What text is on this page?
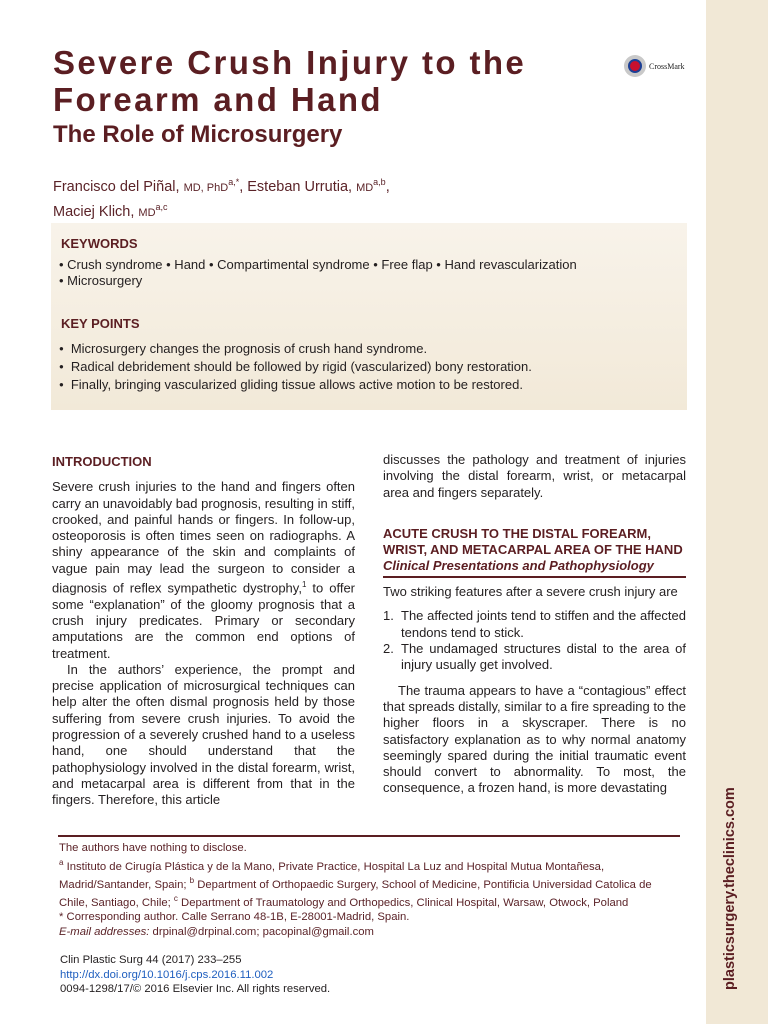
plasticsurgery.theclinics.com
Severe Crush Injury to the
Forearm and Hand
The Role of Microsurgery
CrossMark
Francisco del Piñal, MD, PhD$^{a,*}$, Esteban Urrutia, MD$^{a,b}$,
Maciej Klich, MD$^{a,c}$
KEYWORDS
• Crush syndrome • Hand • Compartimental syndrome • Free flap • Hand revascularization
• Microsurgery
KEY POINTS
● Microsurgery changes the prognosis of crush hand syndrome.
● Radical debridement should be followed by rigid (vascularized) bony restoration.
● Finally, bringing vascularized gliding tissue allows active motion to be restored.
INTRODUCTION

Severe crush injuries to the hand and fingers often carry an unavoidably bad prognosis, resulting in stiff, crooked, and painful hands or fingers. In follow-up, osteoporosis is often times seen on radiographs. A shiny appearance of the skin and complaints of vague pain may lead the surgeon to consider a diagnosis of reflex sympathetic dystrophy,$^1$ to offer some “explanation” of the gloomy prognosis that a crush injury predicates. Primary or secondary amputations are the common end options of treatment.

In the authors’ experience, the prompt and precise application of microsurgical techniques can help alter the often dismal prognosis held by those suffering from severe crush injuries. To avoid the progression of a severely crushed hand to a useless hand, one should understand that the pathophysiology involved in the distal forearm, wrist, and metacarpal area is different from that in the fingers. Therefore, this article

discusses the pathology and treatment of injuries involving the distal forearm, wrist, or metacarpal area and fingers separately.

ACUTE CRUSH TO THE DISTAL FOREARM, WRIST, AND METACARPAL AREA OF THE HAND
Clinical Presentations and Pathophysiology

Two striking features after a severe crush injury are

1. The affected joints tend to stiffen and the affected tendons tend to stick.
2. The undamaged structures distal to the area of injury usually get involved.

The trauma appears to have a “contagious” effect that spreads distally, similar to a fire spreading to the higher floors in a skyscraper. There is no satisfactory explanation as to why normal anatomy seemingly spared during the initial traumatic event should convert to abnormality. To most, the consequence, a frozen hand, is more devastating

The authors have nothing to disclose.

$^a$ Instituto de Cirugía Plástica y de la Mano, Private Practice, Hospital La Luz and Hospital Mutua Montañesa, Madrid/Santander, Spain; $^b$ Department of Orthopaedic Surgery, School of Medicine, Pontificia Universidad Catolica de Chile, Santiago, Chile; $^c$ Department of Traumatology and Orthopedics, Clinical Hospital, Warsaw, Otwock, Poland

* Corresponding author. Calle Serrano 48-1B, E-28001-Madrid, Spain.

E-mail addresses: drpinal@drpinal.com; pacopinal@gmail.com

Clin Plastic Surg 44 (2017) 233–255

http://dx.doi.org/10.1016/j.cps.2016.11.002

0094-1298/17/© 2016 Elsevier Inc. All rights reserved.
